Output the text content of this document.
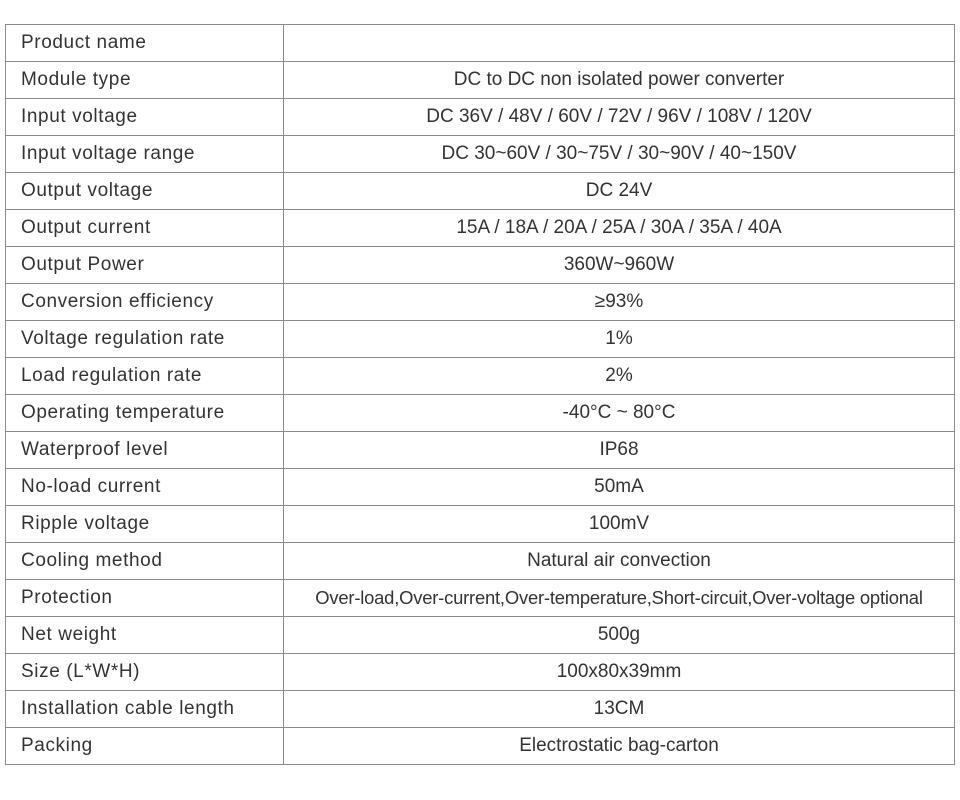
Product name	
Module type	DC to DC non isolated power converter
Input voltage	DC 36V / 48V / 60V / 72V / 96V / 108V / 120V
Input voltage range	DC 30~60V / 30~75V / 30~90V / 40~150V
Output voltage	DC 24V
Output current	15A / 18A / 20A / 25A / 30A / 35A / 40A
Output Power	360W~960W
Conversion efficiency	≥93%
Voltage regulation rate	1%
Load regulation rate	2%
Operating temperature	-40°C ~ 80°C
Waterproof level	IP68
No-load current	50mA
Ripple voltage	100mV
Cooling method	Natural air convection
Protection	Over-load,Over-current,Over-temperature,Short-circuit,Over-voltage optional
Net weight	500g
Size (L*W*H)	100x80x39mm
Installation cable length	13CM
Packing	Electrostatic bag-carton
